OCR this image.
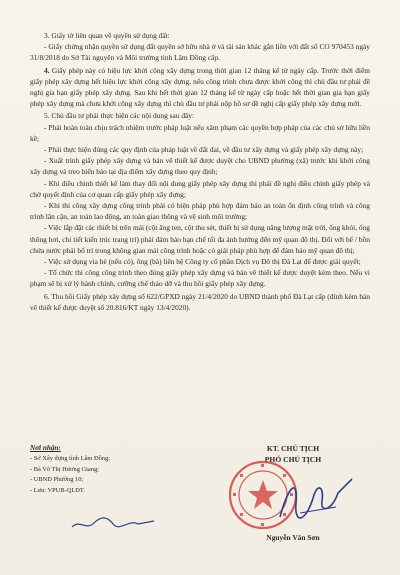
3. Giấy tờ liên quan về quyền sử dụng đất:

- Giấy chứng nhận quyền sử dụng đất quyền sở hữu nhà ở và tài sản khác gắn liền với đất số CO 970453 ngày 31/8/2018 do Sở Tài nguyên và Môi trường tỉnh Lâm Đồng cấp.

4. Giấy phép này có hiệu lực khởi công xây dựng trong thời gian 12 tháng kể từ ngày cấp. Trước thời điểm giấy phép xây dựng hết hiệu lực khởi công xây dựng, nếu công trình chưa được khởi công thì chủ đầu tư phải đề nghị gia hạn giấy phép xây dựng. Sau khi hết thời gian 12 tháng kể từ ngày cấp hoặc hết thời gian gia hạn giấy phép xây dựng mà chưa khởi công xây dựng thì chủ đầu tư phải nộp hồ sơ đề nghị cấp giấy phép xây dựng mới.

5. Chủ đầu tư phải thực hiện các nội dung sau đây:

- Phải hoàn toàn chịu trách nhiệm trước pháp luật nếu xâm phạm các quyền hợp pháp của các chủ sở hữu liền kề;

- Phải thực hiện đúng các quy định của pháp luật về đất đai, về đầu tư xây dựng và giấy phép xây dựng này;

- Xuất trình giấy phép xây dựng và bản vẽ thiết kế được duyệt cho UBND phường (xã) trước khi khởi công xây dựng và treo biển báo tại địa điểm xây dựng theo quy định;

- Khi điều chỉnh thiết kế làm thay đổi nội dung giấy phép xây dựng thì phải đề nghị điều chỉnh giấy phép và chờ quyết định của cơ quan cấp giấy phép xây dựng;

- Khi thi công xây dựng công trình phải có biện pháp phù hợp đảm bảo an toàn ổn định công trình và công trình lân cận, an toàn lao động, an toàn giao thông và vệ sinh môi trường;

- Việc lắp đặt các thiết bị trên mái (cột ăng ten, cột thu sét, thiết bị sử dụng năng lượng mặt trời, ống khói, ống thông hơi, chi tiết kiến trúc trang trí) phải đảm bảo hạn chế tối đa ảnh hưởng đến mỹ quan đô thị. Đối với bể / bồn chứa nước phải bố trí trong không gian mái công trình hoặc có giải pháp phù hợp để đảm bảo mỹ quan đô thị;

- Việc sử dụng via hè (nếu có), ông (bà) liên hệ Công ty cổ phần Dịch vụ Đô thị Đà Lạt để được giải quyết;

- Tổ chức thi công công trình theo đúng giấy phép xây dựng và bản vẽ thiết kế được duyệt kèm theo. Nếu vi phạm sẽ bị xử lý hành chính, cưỡng chế tháo dỡ và thu hồi giấy phép xây dựng.

6. Thu hồi Giấy phép xây dựng số 622/GPXD ngày 21/4/2020 do UBND thành phố Đà Lạt cấp (đính kèm bản vẽ thiết kế được duyệt số 20.816/KT ngày 13/4/2020).

Nơi nhận:
- Sở Xây dựng tỉnh Lâm Đồng;
- Bà Võ Thị Hương Giang;
- UBND Phường 10;
- Lưu: VPUB-QLĐT.
KT. CHỦ TỊCH
PHÓ CHỦ TỊCH
Nguyễn Văn Sơn
